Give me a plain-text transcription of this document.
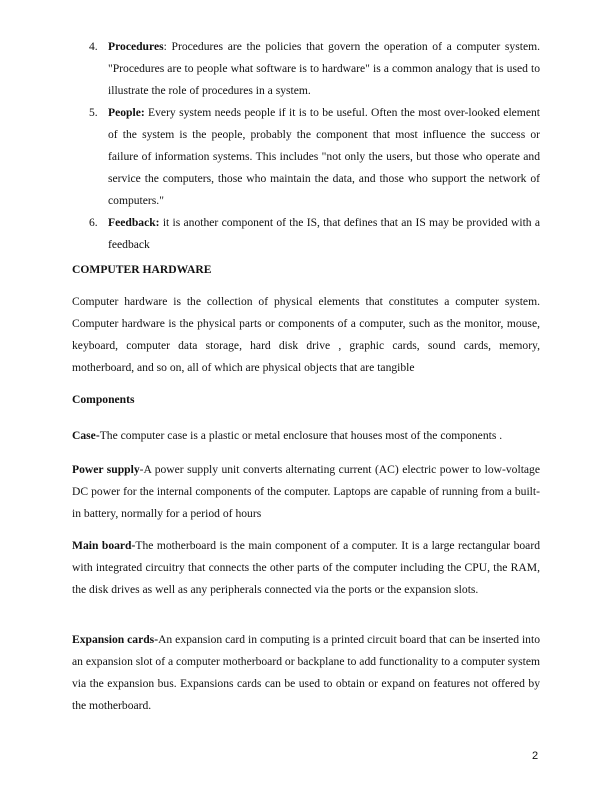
4. Procedures: Procedures are the policies that govern the operation of a computer system. "Procedures are to people what software is to hardware" is a common analogy that is used to illustrate the role of procedures in a system.
5. People: Every system needs people if it is to be useful. Often the most over-looked element of the system is the people, probably the component that most influence the success or failure of information systems. This includes "not only the users, but those who operate and service the computers, those who maintain the data, and those who support the network of computers."
6. Feedback: it is another component of the IS, that defines that an IS may be provided with a feedback
COMPUTER HARDWARE
Computer hardware is the collection of physical elements that constitutes a computer system. Computer hardware is the physical parts or components of a computer, such as the monitor, mouse, keyboard, computer data storage, hard disk drive , graphic cards, sound cards, memory, motherboard, and so on, all of which are physical objects that are tangible
Components
Case-The computer case is a plastic or metal enclosure that houses most of the components .
Power supply-A power supply unit converts alternating current (AC) electric power to low-voltage DC power for the internal components of the computer. Laptops are capable of running from a built-in battery, normally for a period of hours
Main board-The motherboard is the main component of a computer. It is a large rectangular board with integrated circuitry that connects the other parts of the computer including the CPU, the RAM, the disk drives as well as any peripherals connected via the ports or the expansion slots.
Expansion cards-An expansion card in computing is a printed circuit board that can be inserted into an expansion slot of a computer motherboard or backplane to add functionality to a computer system via the expansion bus. Expansions cards can be used to obtain or expand on features not offered by the motherboard.
2
